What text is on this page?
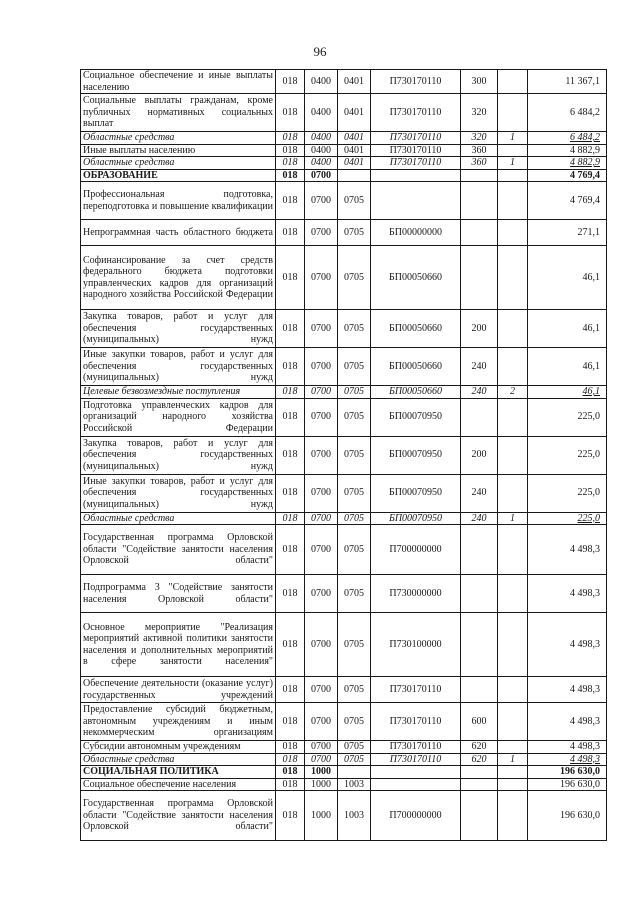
96
Социальное обеспечение и иные выплаты населению	018	0400	0401	П730170110	300		11 367,1
Социальные выплаты гражданам, кроме публичных нормативных социальных выплат	018	0400	0401	П730170110	320		6 484,2
Областные средства	018	0400	0401	П730170110	320	1	6 484,2
Иные выплаты населению	018	0400	0401	П730170110	360		4 882,9
Областные средства	018	0400	0401	П730170110	360	1	4 882,9
ОБРАЗОВАНИЕ	018	0700					4 769,4
Профессиональная подготовка, переподготовка и повышение квалификации	018	0700	0705				4 769,4
Непрограммная часть областного бюджета	018	0700	0705	БП00000000			271,1
Софинансирование за счет средств федерального бюджета подготовки управленческих кадров для организаций народного хозяйства Российской Федерации	018	0700	0705	БП00050660			46,1
Закупка товаров, работ и услуг для обеспечения государственных (муниципальных) нужд	018	0700	0705	БП00050660	200		46,1
Иные закупки товаров, работ и услуг для обеспечения государственных (муниципальных) нужд	018	0700	0705	БП00050660	240		46,1
Целевые безвозмездные поступления	018	0700	0705	БП00050660	240	2	46,1
Подготовка управленческих кадров для организаций народного хозяйства Российской Федерации	018	0700	0705	БП00070950			225,0
Закупка товаров, работ и услуг для обеспечения государственных (муниципальных) нужд	018	0700	0705	БП00070950	200		225,0
Иные закупки товаров, работ и услуг для обеспечения государственных (муниципальных) нужд	018	0700	0705	БП00070950	240		225,0
Областные средства	018	0700	0705	БП00070950	240	1	225,0
Государственная программа Орловской области "Содействие занятости населения Орловской области"	018	0700	0705	П700000000			4 498,3
Подпрограмма 3 "Содействие занятости населения Орловской области"	018	0700	0705	П730000000			4 498,3
Основное мероприятие "Реализация мероприятий активной политики занятости населения и дополнительных мероприятий в сфере занятости населения"	018	0700	0705	П730100000			4 498,3
Обеспечение деятельности (оказание услуг) государственных учреждений	018	0700	0705	П730170110			4 498,3
Предоставление субсидий бюджетным, автономным учреждениям и иным некоммерческим организациям	018	0700	0705	П730170110	600		4 498,3
Субсидии автономным учреждениям	018	0700	0705	П730170110	620		4 498,3
Областные средства	018	0700	0705	П730170110	620	1	4 498,3
СОЦИАЛЬНАЯ ПОЛИТИКА	018	1000					196 630,0
Социальное обеспечение населения	018	1000	1003				196 630,0
Государственная программа Орловской области "Содействие занятости населения Орловской области"	018	1000	1003	П700000000			196 630,0
